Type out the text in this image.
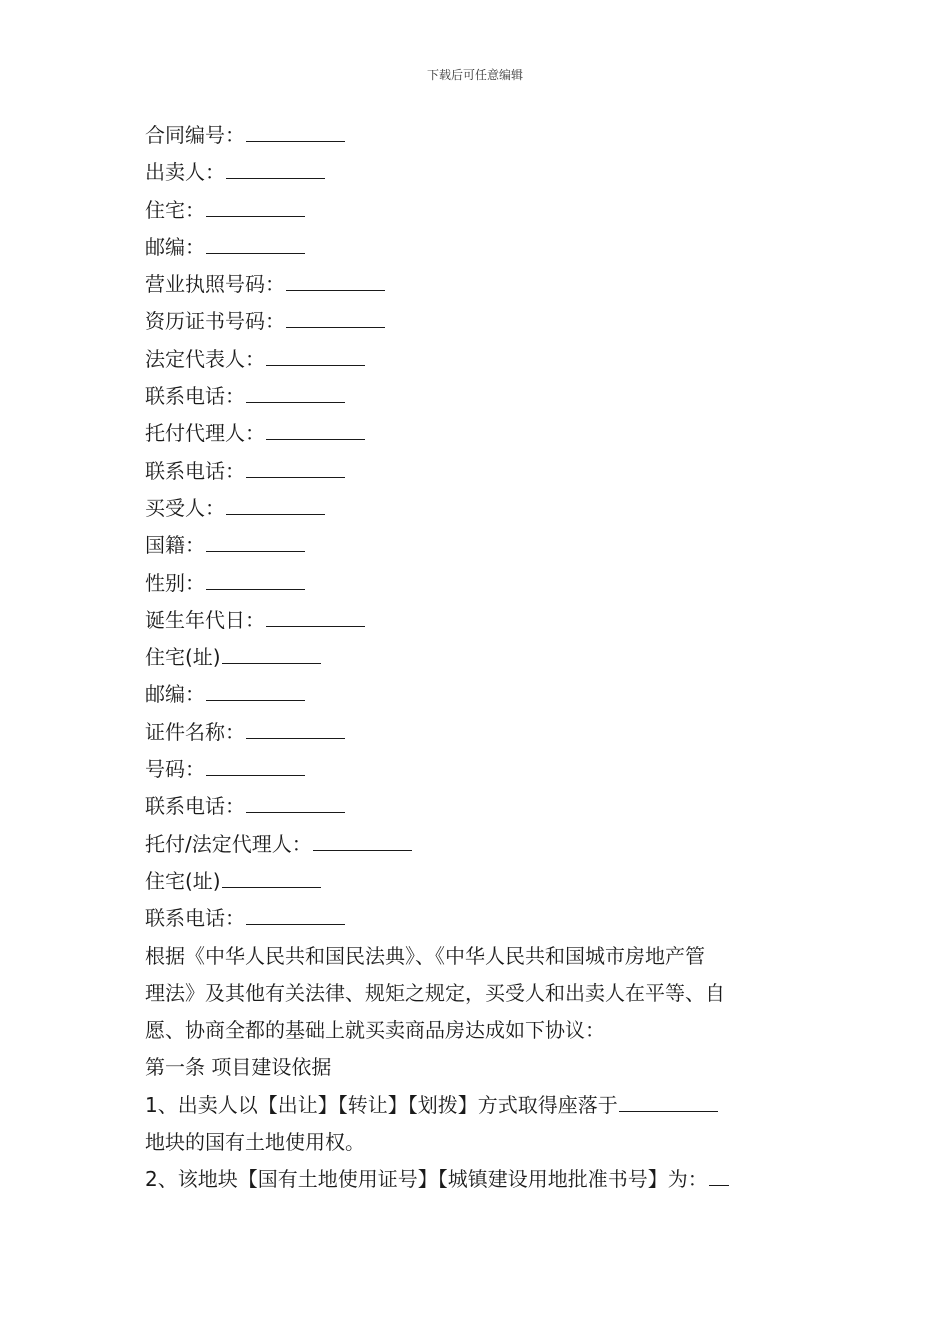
下载后可任意编辑
合同编号：
出卖人：
住宅：
邮编：
营业执照号码：
资历证书号码：
法定代表人：
联系电话：
托付代理人：
联系电话：
买受人：
国籍：
性别：
诞生年代日：
住宅(址)
邮编：
证件名称：
号码：
联系电话：
托付/法定代理人：
住宅(址)
联系电话：
根据《中华人民共和国民法典》、《中华人民共和国城市房地产管
理法》及其他有关法律、规矩之规定，买受人和出卖人在平等、自
愿、协商全都的基础上就买卖商品房达成如下协议：
第一条 项目建设依据
1、出卖人以【出让】【转让】【划拨】方式取得座落于
地块的国有土地使用权。
2、该地块【国有土地使用证号】【城镇建设用地批准书号】为：
